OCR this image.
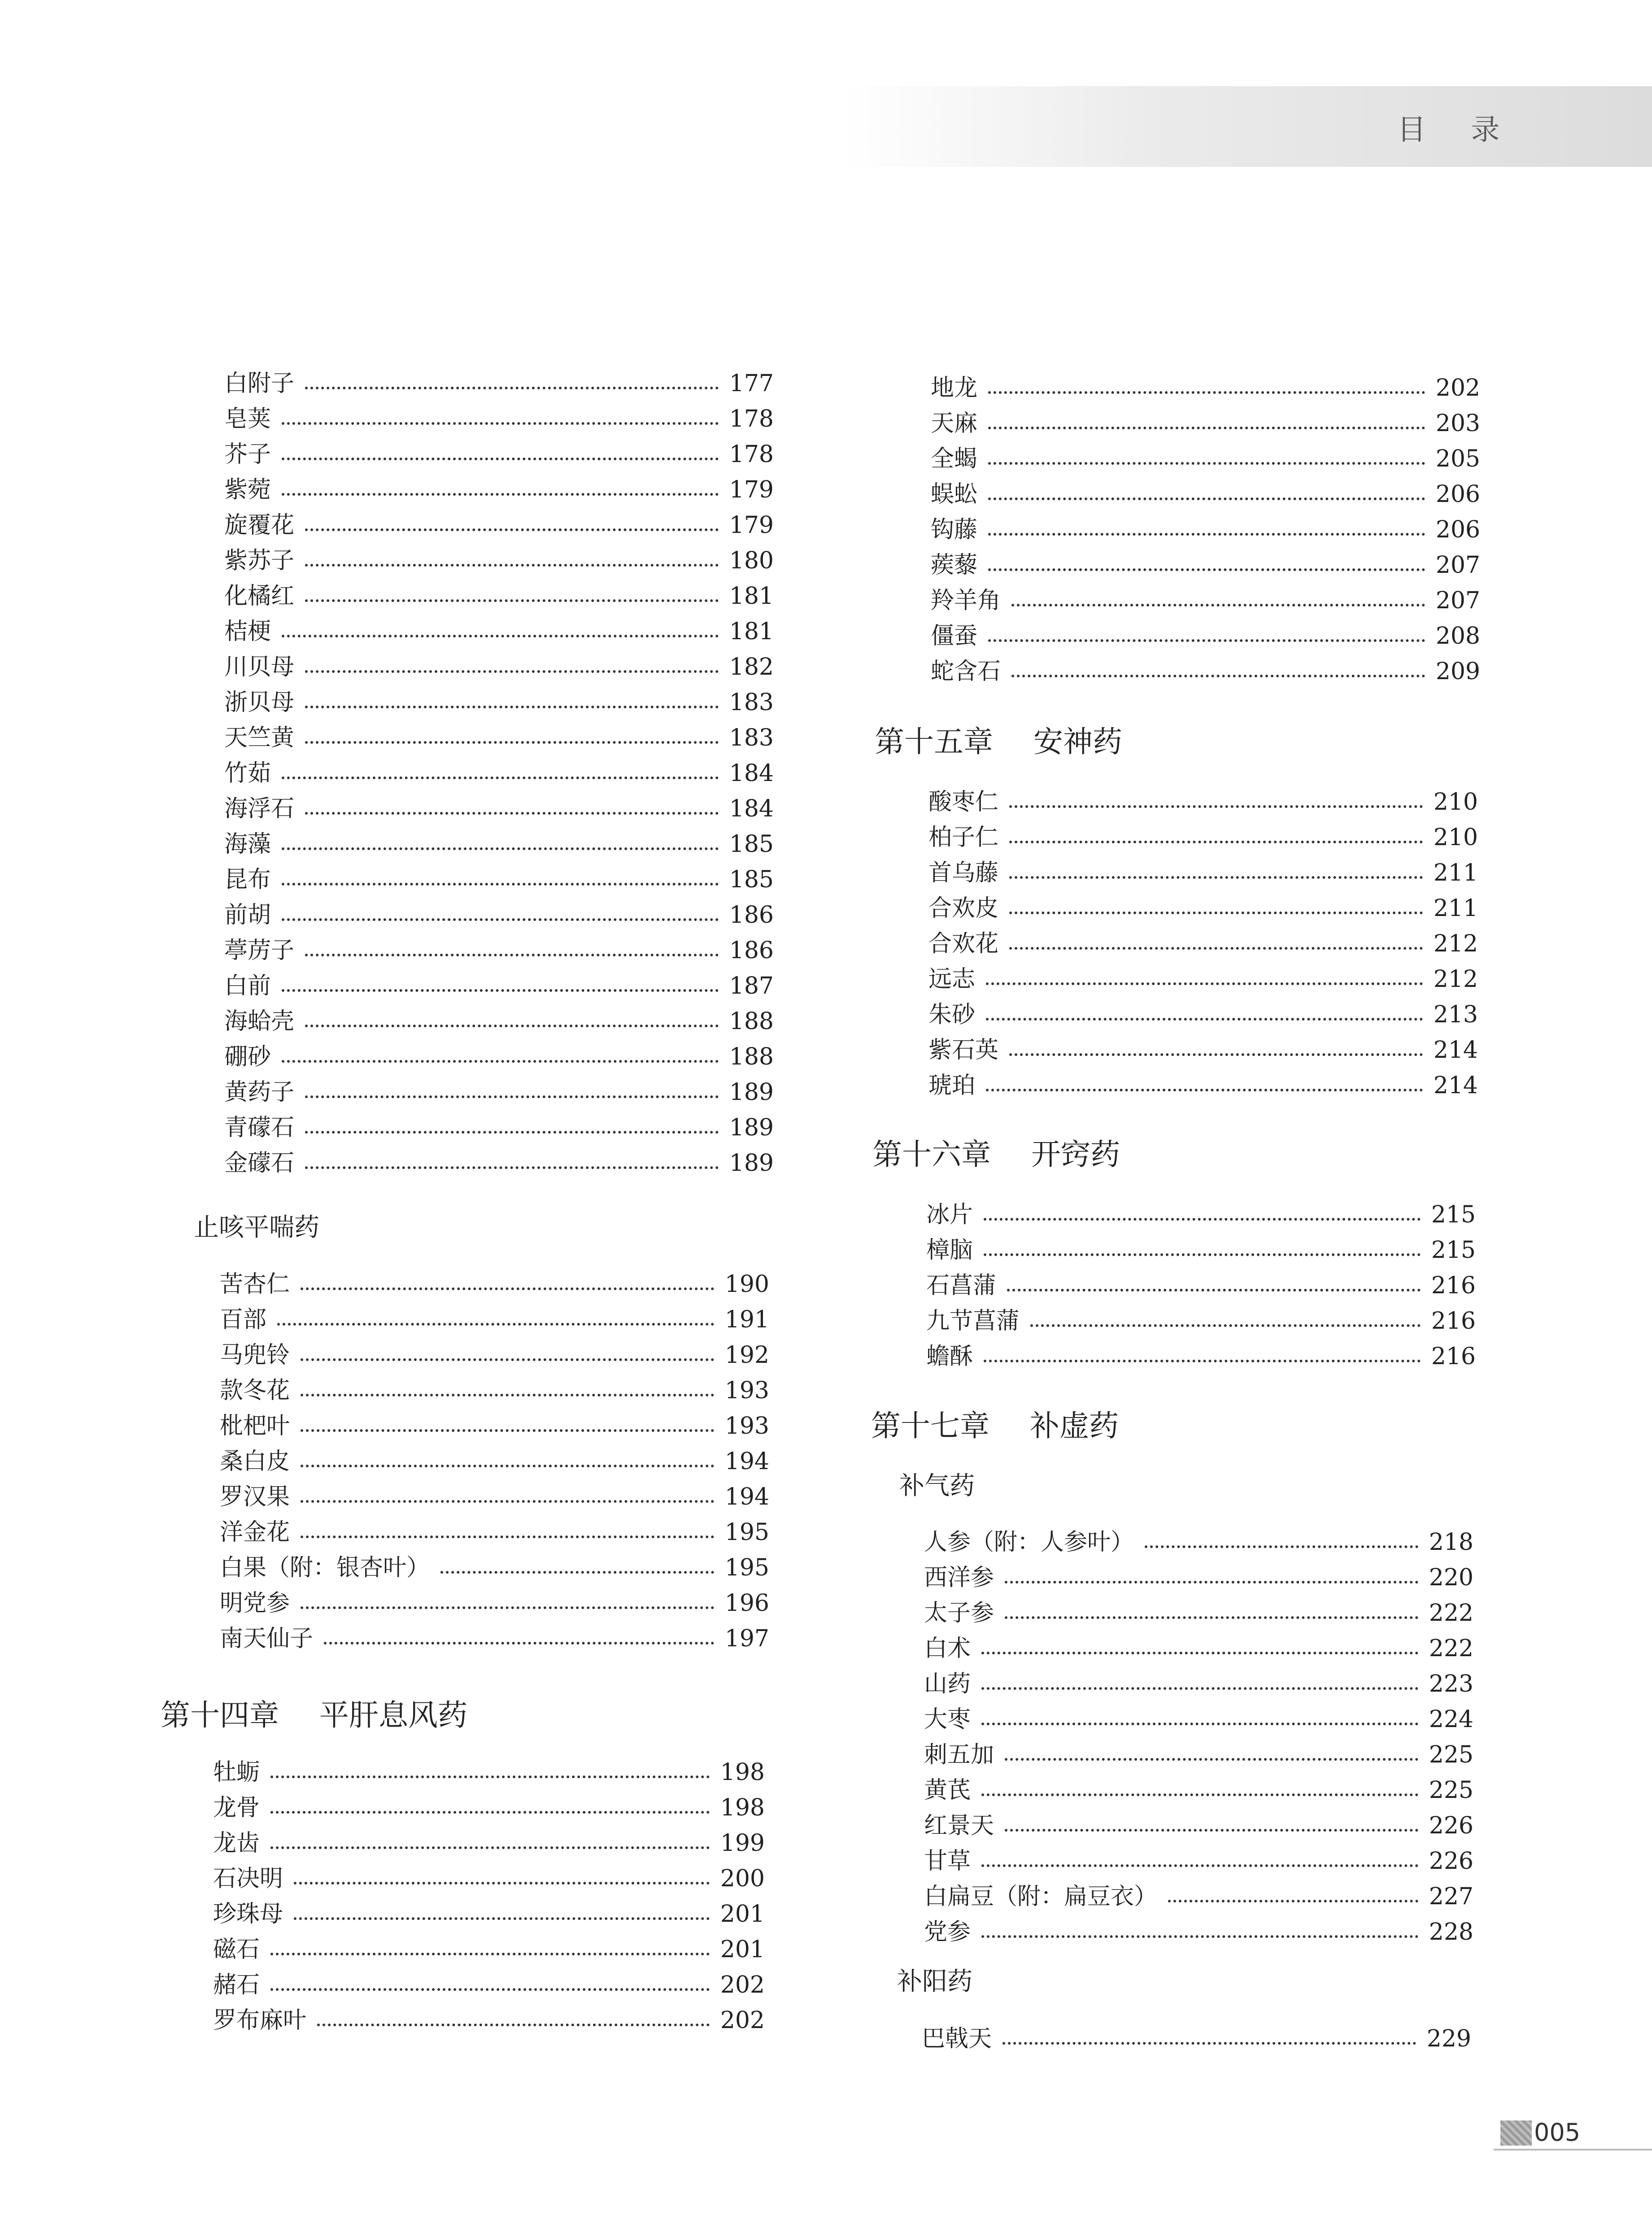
目 录
白附子	177
皂荚	178
芥子	178
紫菀	179
旋覆花	179
紫苏子	180
化橘红	181
桔梗	181
川贝母	182
浙贝母	183
天竺黄	183
竹茹	184
海浮石	184
海藻	185
昆布	185
前胡	186
葶苈子	186
白前	187
海蛤壳	188
硼砂	188
黄药子	189
青礞石	189
金礞石	189
止咳平喘药
苦杏仁	190
百部	191
马兜铃	192
款冬花	193
枇杷叶	193
桑白皮	194
罗汉果	194
洋金花	195
白果（附：银杏叶）	195
明党参	196
南天仙子	197
第十四章 平肝息风药
牡蛎	198
龙骨	198
龙齿	199
石决明	200
珍珠母	201
磁石	201
赭石	202
罗布麻叶	202
地龙	202
天麻	203
全蝎	205
蜈蚣	206
钩藤	206
蒺藜	207
羚羊角	207
僵蚕	208
蛇含石	209
第十五章 安神药
酸枣仁	210
柏子仁	210
首乌藤	211
合欢皮	211
合欢花	212
远志	212
朱砂	213
紫石英	214
琥珀	214
第十六章 开窍药
冰片	215
樟脑	215
石菖蒲	216
九节菖蒲	216
蟾酥	216
第十七章 补虚药
补气药
人参（附：人参叶）	218
西洋参	220
太子参	222
白术	222
山药	223
大枣	224
刺五加	225
黄芪	225
红景天	226
甘草	226
白扁豆（附：扁豆衣）	227
党参	228
补阳药
巴戟天	229
005
